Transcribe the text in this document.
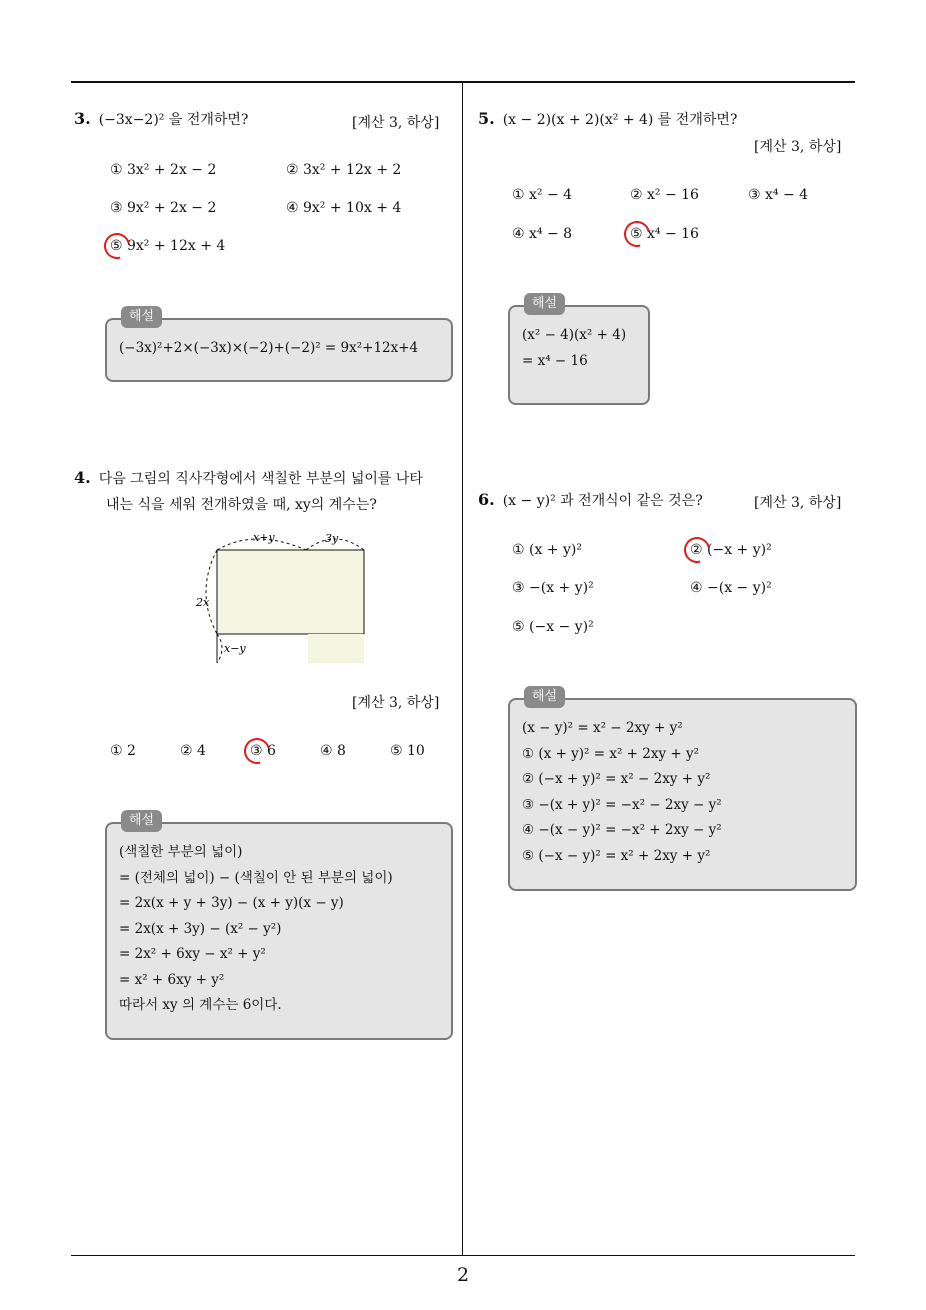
3. (−3x−2)² 을 전개하면?	[계산 3, 하상]
① 3x² + 2x − 2	② 3x² + 12x + 2
③ 9x² + 2x − 2	④ 9x² + 10x + 4
⑤ 9x² + 12x + 4
해설
(−3x)²+2×(−3x)×(−2)+(−2)² = 9x²+12x+4
4. 다음 그림의 직사각형에서 색칠한 부분의 넓이를 나타
내는 식을 세워 전개하였을 때, xy의 계수는?
x+y	3y
2x
x−y
[계산 3, 하상]
① 2	② 4	③ 6	④ 8	⑤ 10
해설
(색칠한 부분의 넓이)
= (전체의 넓이) − (색칠이 안 된 부분의 넓이)
= 2x(x + y + 3y) − (x + y)(x − y)
= 2x(x + 3y) − (x² − y²)
= 2x² + 6xy − x² + y²
= x² + 6xy + y²
따라서 xy 의 계수는 6이다.
5. (x − 2)(x + 2)(x² + 4) 를 전개하면?
[계산 3, 하상]
① x² − 4	② x² − 16	③ x⁴ − 4
④ x⁴ − 8	⑤ x⁴ − 16
해설
(x² − 4)(x² + 4)
= x⁴ − 16
6. (x − y)² 과 전개식이 같은 것은?	[계산 3, 하상]
① (x + y)²	② (−x + y)²
③ −(x + y)²	④ −(x − y)²
⑤ (−x − y)²
해설
(x − y)² = x² − 2xy + y²
① (x + y)² = x² + 2xy + y²
② (−x + y)² = x² − 2xy + y²
③ −(x + y)² = −x² − 2xy − y²
④ −(x − y)² = −x² + 2xy − y²
⑤ (−x − y)² = x² + 2xy + y²
2
